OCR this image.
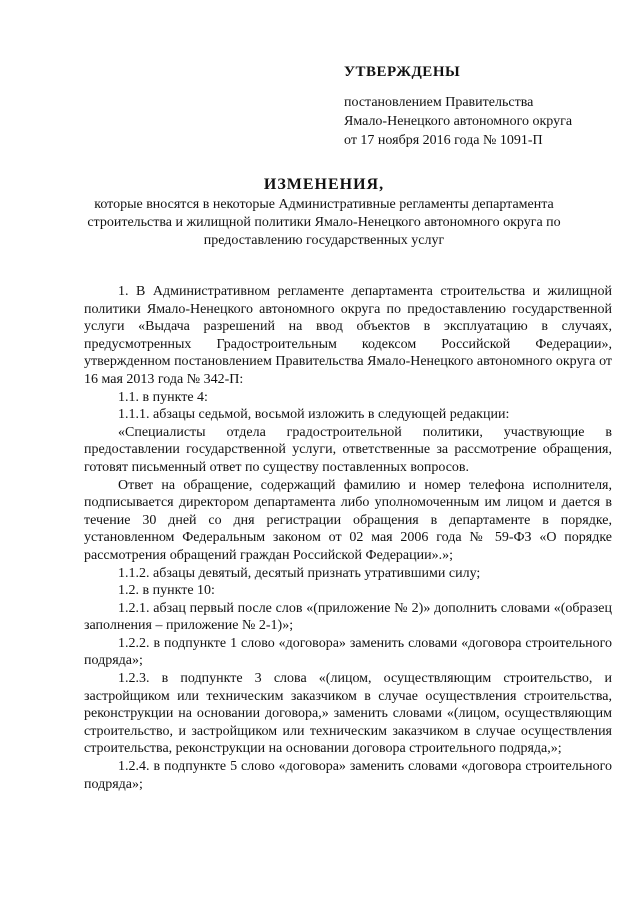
УТВЕРЖДЕНЫ

постановлением Правительства

Ямало-Ненецкого автономного округа

от 17 ноября 2016 года № 1091-П

ИЗМЕНЕНИЯ,

которые вносятся в некоторые Административные регламенты департамента строительства и жилищной политики Ямало-Ненецкого автономного округа по предоставлению государственных услуг

1. В Административном регламенте департамента строительства и жилищной политики Ямало-Ненецкого автономного округа по предоставлению государственной услуги «Выдача разрешений на ввод объектов в эксплуатацию в случаях, предусмотренных Градостроительным кодексом Российской Федерации», утвержденном постановлением Правительства Ямало-Ненецкого автономного округа от 16 мая 2013 года № 342-П:

1.1. в пункте 4:

1.1.1. абзацы седьмой, восьмой изложить в следующей редакции:

«Специалисты отдела градостроительной политики, участвующие в предоставлении государственной услуги, ответственные за рассмотрение обращения, готовят письменный ответ по существу поставленных вопросов.

Ответ на обращение, содержащий фамилию и номер телефона исполнителя, подписывается директором департамента либо уполномоченным им лицом и дается в течение 30 дней со дня регистрации обращения в департаменте в порядке, установленном Федеральным законом от 02 мая 2006 года № 59-ФЗ «О порядке рассмотрения обращений граждан Российской Федерации».»;

1.1.2. абзацы девятый, десятый признать утратившими силу;

1.2. в пункте 10:

1.2.1. абзац первый после слов «(приложение № 2)» дополнить словами «(образец заполнения – приложение № 2-1)»;

1.2.2. в подпункте 1 слово «договора» заменить словами «договора строительного подряда»;

1.2.3. в подпункте 3 слова «(лицом, осуществляющим строительство, и застройщиком или техническим заказчиком в случае осуществления строительства, реконструкции на основании договора,» заменить словами «(лицом, осуществляющим строительство, и застройщиком или техническим заказчиком в случае осуществления строительства, реконструкции на основании договора строительного подряда,»;

1.2.4. в подпункте 5 слово «договора» заменить словами «договора строительного подряда»;
